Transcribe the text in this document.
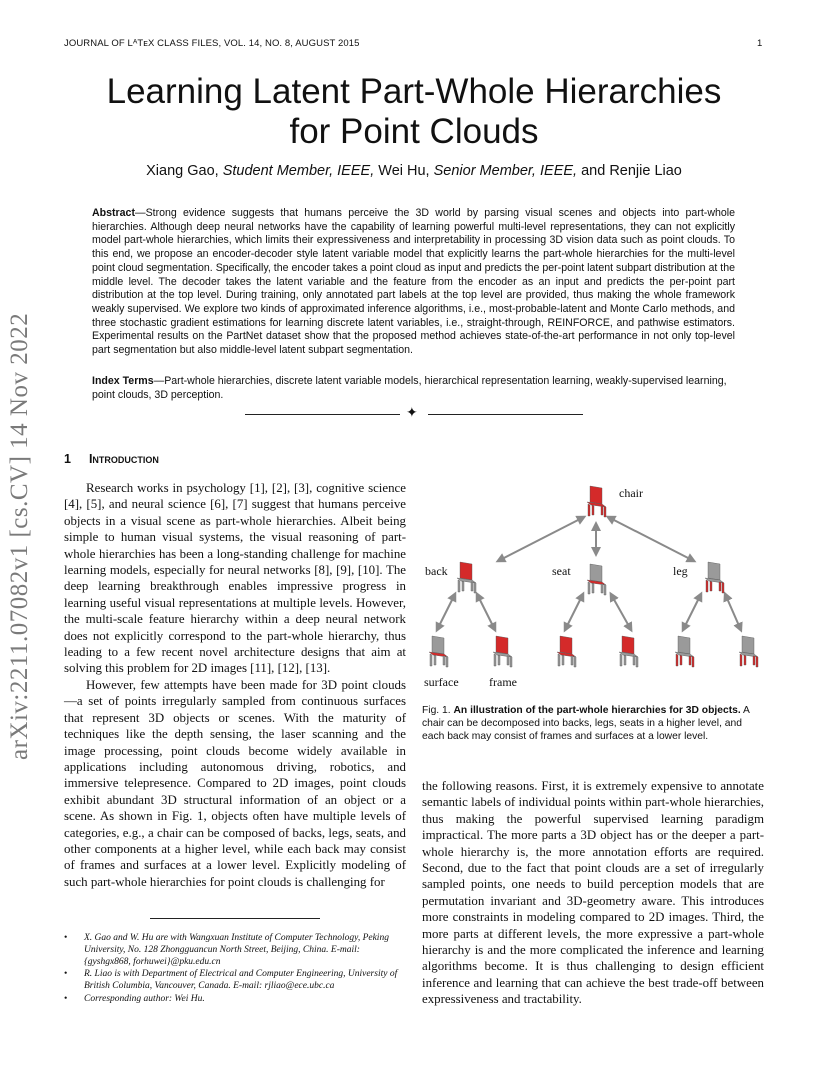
JOURNAL OF LᴬTᴇX CLASS FILES, VOL. 14, NO. 8, AUGUST 2015	1
arXiv:2211.07082v1 [cs.CV] 14 Nov 2022
Learning Latent Part-Whole Hierarchies
for Point Clouds
Xiang Gao, Student Member, IEEE, Wei Hu, Senior Member, IEEE, and Renjie Liao
Abstract—Strong evidence suggests that humans perceive the 3D world by parsing visual scenes and objects into part-whole hierarchies. Although deep neural networks have the capability of learning powerful multi-level representations, they can not explicitly model part-whole hierarchies, which limits their expressiveness and interpretability in processing 3D vision data such as point clouds. To this end, we propose an encoder-decoder style latent variable model that explicitly learns the part-whole hierarchies for the multi-level point cloud segmentation. Specifically, the encoder takes a point cloud as input and predicts the per-point latent subpart distribution at the middle level. The decoder takes the latent variable and the feature from the encoder as an input and predicts the per-point part distribution at the top level. During training, only annotated part labels at the top level are provided, thus making the whole framework weakly supervised. We explore two kinds of approximated inference algorithms, i.e., most-probable-latent and Monte Carlo methods, and three stochastic gradient estimations for learning discrete latent variables, i.e., straight-through, REINFORCE, and pathwise estimators. Experimental results on the PartNet dataset show that the proposed method achieves state-of-the-art performance in not only top-level part segmentation but also middle-level latent subpart segmentation.
Index Terms—Part-whole hierarchies, discrete latent variable models, hierarchical representation learning, weakly-supervised learning, point clouds, 3D perception.
✦
1 Introduction

Research works in psychology [1], [2], [3], cognitive science [4], [5], and neural science [6], [7] suggest that humans perceive objects in a visual scene as part-whole hierarchies. Albeit being simple to human visual systems, the visual reasoning of part-whole hierarchies has been a long-standing challenge for machine learning models, especially for neural networks [8], [9], [10]. The deep learning breakthrough enables impressive progress in learning useful visual representations at multiple levels. However, the multi-scale feature hierarchy within a deep neural network does not explicitly correspond to the part-whole hierarchy, thus leading to a few recent novel architecture designs that aim at solving this problem for 2D images [11], [12], [13].

However, few attempts have been made for 3D point clouds—a set of points irregularly sampled from continuous surfaces that represent 3D objects or scenes. With the maturity of techniques like the depth sensing, the laser scanning and the image processing, point clouds become widely available in applications including autonomous driving, robotics, and immersive telepresence. Compared to 2D images, point clouds exhibit abundant 3D structural information of an object or a scene. As shown in Fig. 1, objects often have multiple levels of categories, e.g., a chair can be composed of backs, legs, seats, and other components at a higher level, while each back may consist of frames and surfaces at a lower level. Explicitly modeling of such part-whole hierarchies for point clouds is challenging for

chair
back	seat	leg
surface	frame
Fig. 1. An illustration of the part-whole hierarchies for 3D objects. A chair can be decomposed into backs, legs, seats in a higher level, and each back may consist of frames and surfaces at a lower level.

the following reasons. First, it is extremely expensive to annotate semantic labels of individual points within part-whole hierarchies, thus making the powerful supervised learning paradigm impractical. The more parts a 3D object has or the deeper a part-whole hierarchy is, the more annotation efforts are required. Second, due to the fact that point clouds are a set of irregularly sampled points, one needs to build perception models that are permutation invariant and 3D-geometry aware. This introduces more constraints in modeling compared to 2D images. Third, the more parts at different levels, the more expressive a part-whole hierarchy is and the more complicated the inference and learning algorithms become. It is thus challenging to design efficient inference and learning that can achieve the best trade-off between expressiveness and tractability.

• X. Gao and W. Hu are with Wangxuan Institute of Computer Technology, Peking University, No. 128 Zhongguancun North Street, Beijing, China. E-mail: {gyshgx868, forhuwei}@pku.edu.cn
• R. Liao is with Department of Electrical and Computer Engineering, University of British Columbia, Vancouver, Canada. E-mail: rjliao@ece.ubc.ca
• Corresponding author: Wei Hu.
